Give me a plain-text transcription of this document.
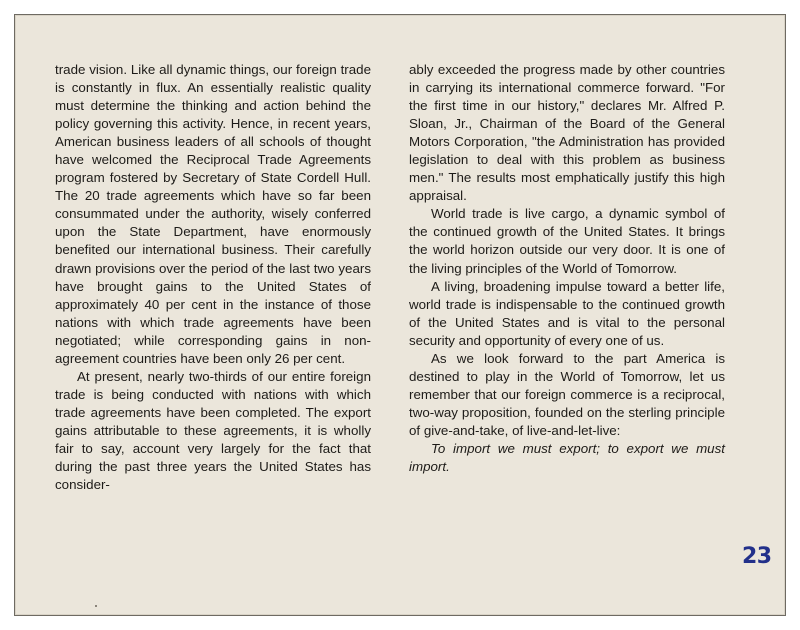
trade vision. Like all dynamic things, our foreign trade is constantly in flux. An essentially realistic quality must determine the thinking and action behind the policy governing this activity. Hence, in recent years, American business leaders of all schools of thought have welcomed the Reciprocal Trade Agreements program fostered by Secretary of State Cordell Hull. The 20 trade agreements which have so far been consummated under the authority, wisely conferred upon the State Department, have enormously benefited our international business. Their carefully drawn provisions over the period of the last two years have brought gains to the United States of approximately 40 per cent in the instance of those nations with which trade agreements have been negotiated; while corresponding gains in non-agreement countries have been only 26 per cent.

At present, nearly two-thirds of our entire foreign trade is being conducted with nations with which trade agreements have been completed. The export gains attributable to these agreements, it is wholly fair to say, account very largely for the fact that during the past three years the United States has consider-

ably exceeded the progress made by other countries in carrying its international commerce forward. "For the first time in our history," declares Mr. Alfred P. Sloan, Jr., Chairman of the Board of the General Motors Corporation, "the Administration has provided legislation to deal with this problem as business men." The results most emphatically justify this high appraisal.

World trade is live cargo, a dynamic symbol of the continued growth of the United States. It brings the world horizon outside our very door. It is one of the living principles of the World of Tomorrow.

A living, broadening impulse toward a better life, world trade is indispensable to the continued growth of the United States and is vital to the personal security and opportunity of every one of us.

As we look forward to the part America is destined to play in the World of Tomorrow, let us remember that our foreign commerce is a reciprocal, two-way proposition, founded on the sterling principle of give-and-take, of live-and-let-live:

To import we must export; to export we must import.

23
